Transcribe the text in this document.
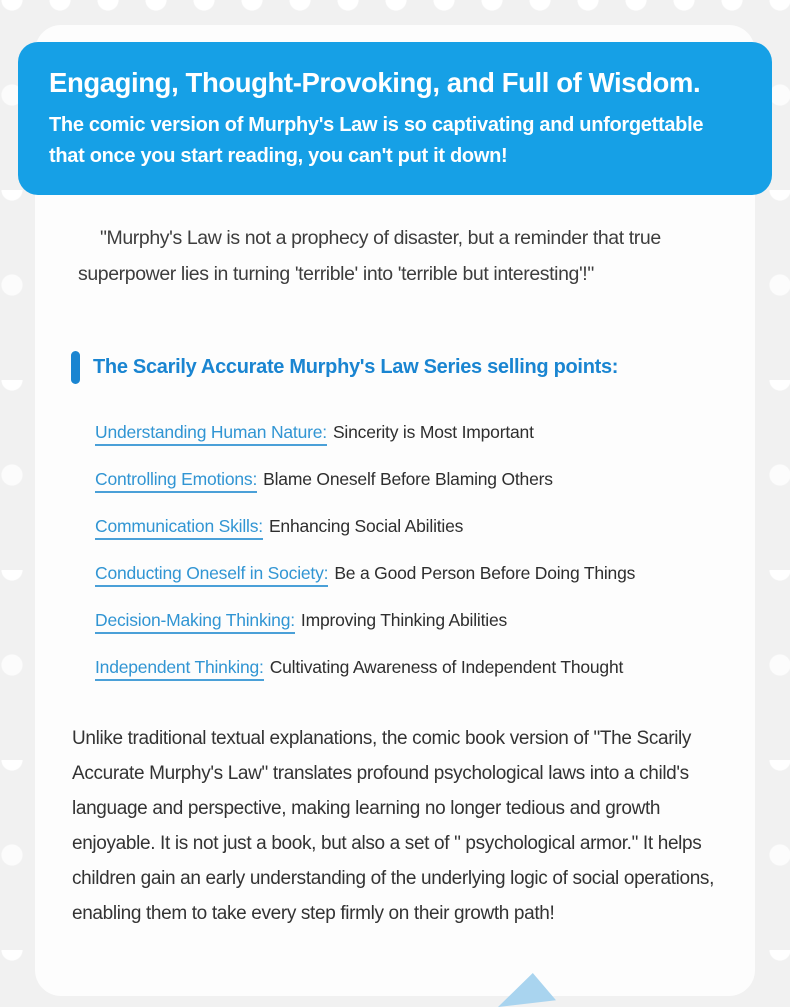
Engaging, Thought-Provoking, and Full of Wisdom.

The comic version of Murphy's Law is so captivating and unforgettable that once you start reading, you can't put it down!

"Murphy's Law is not a prophecy of disaster, but a reminder that true superpower lies in turning 'terrible' into 'terrible but interesting'!"

The Scarily Accurate Murphy's Law Series selling points:
Understanding Human Nature: Sincerity is Most Important
Controlling Emotions: Blame Oneself Before Blaming Others
Communication Skills: Enhancing Social Abilities
Conducting Oneself in Society: Be a Good Person Before Doing Things
Decision-Making Thinking: Improving Thinking Abilities
Independent Thinking: Cultivating Awareness of Independent Thought

Unlike traditional textual explanations, the comic book version of "The Scarily Accurate Murphy's Law" translates profound psychological laws into a child's language and perspective, making learning no longer tedious and growth enjoyable. It is not just a book, but also a set of " psychological armor." It helps children gain an early understanding of the underlying logic of social operations, enabling them to take every step firmly on their growth path!
